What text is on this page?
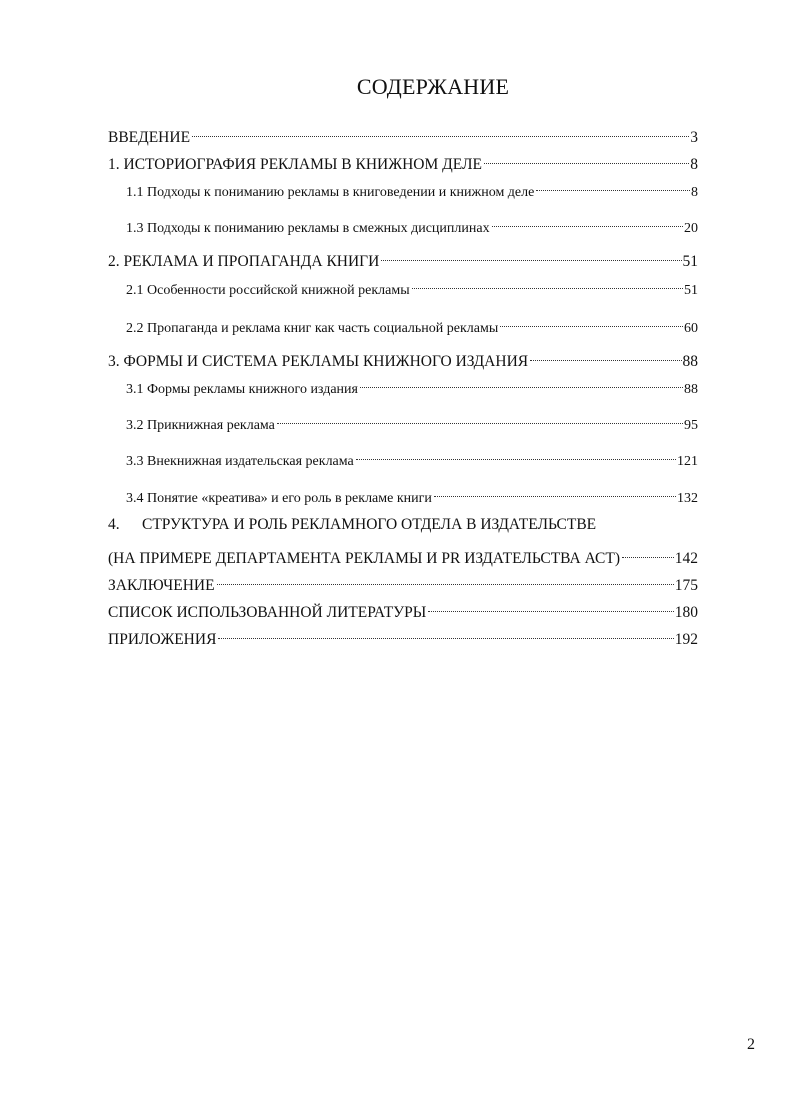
СОДЕРЖАНИЕ
ВВЕДЕНИЕ	3
1. ИСТОРИОГРАФИЯ РЕКЛАМЫ В КНИЖНОМ ДЕЛЕ	8
1.1 Подходы к пониманию рекламы в книговедении и книжном деле	8
1.3 Подходы к пониманию рекламы в смежных дисциплинах	20
2. РЕКЛАМА И ПРОПАГАНДА КНИГИ	51
2.1 Особенности российской книжной рекламы	51
2.2 Пропаганда и реклама книг как часть социальной рекламы	60
3. ФОРМЫ И СИСТЕМА РЕКЛАМЫ КНИЖНОГО ИЗДАНИЯ	88
3.1 Формы рекламы книжного издания	88
3.2 Прикнижная реклама	95
3.3 Внекнижная издательская реклама	121
3.4 Понятие «креатива» и его роль в рекламе книги	132
4. СТРУКТУРА И РОЛЬ РЕКЛАМНОГО ОТДЕЛА В ИЗДАТЕЛЬСТВЕ
(НА ПРИМЕРЕ ДЕПАРТАМЕНТА РЕКЛАМЫ И PR ИЗДАТЕЛЬСТВА АСТ)	142
ЗАКЛЮЧЕНИЕ	175
СПИСОК ИСПОЛЬЗОВАННОЙ ЛИТЕРАТУРЫ	180
ПРИЛОЖЕНИЯ	192
2
